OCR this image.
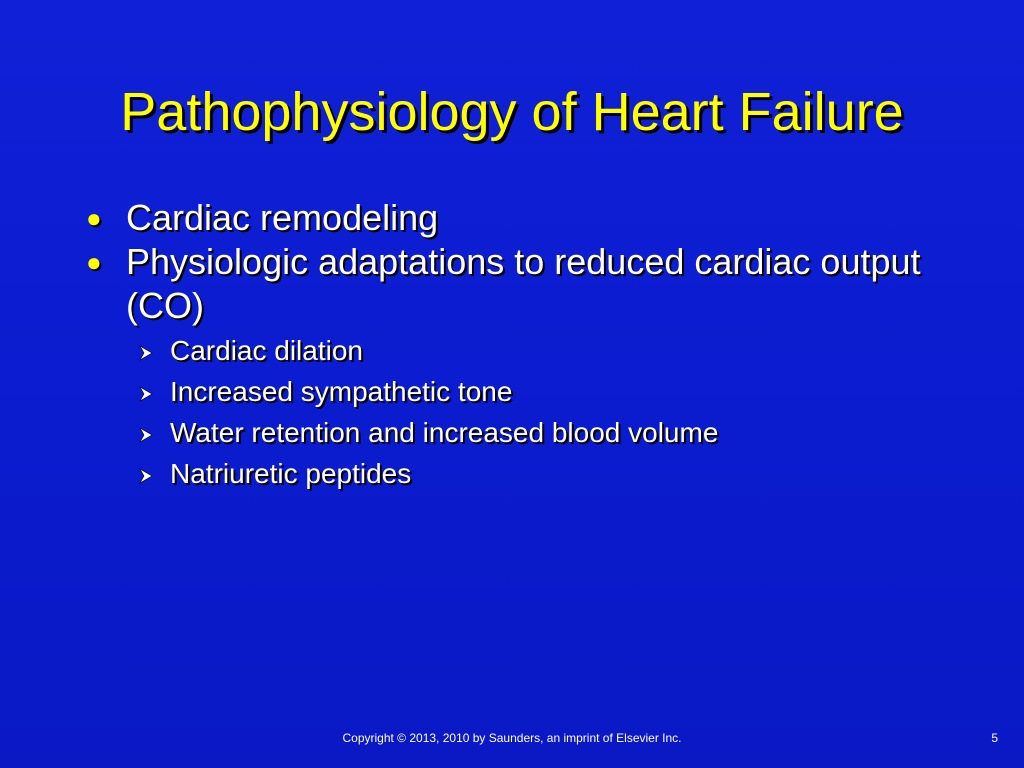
Pathophysiology of Heart Failure
● Cardiac remodeling
● Physiologic adaptations to reduced cardiac output (CO)
Cardiac dilation
Increased sympathetic tone
Water retention and increased blood volume
Natriuretic peptides
Copyright © 2013, 2010 by Saunders, an imprint of Elsevier Inc.	5
